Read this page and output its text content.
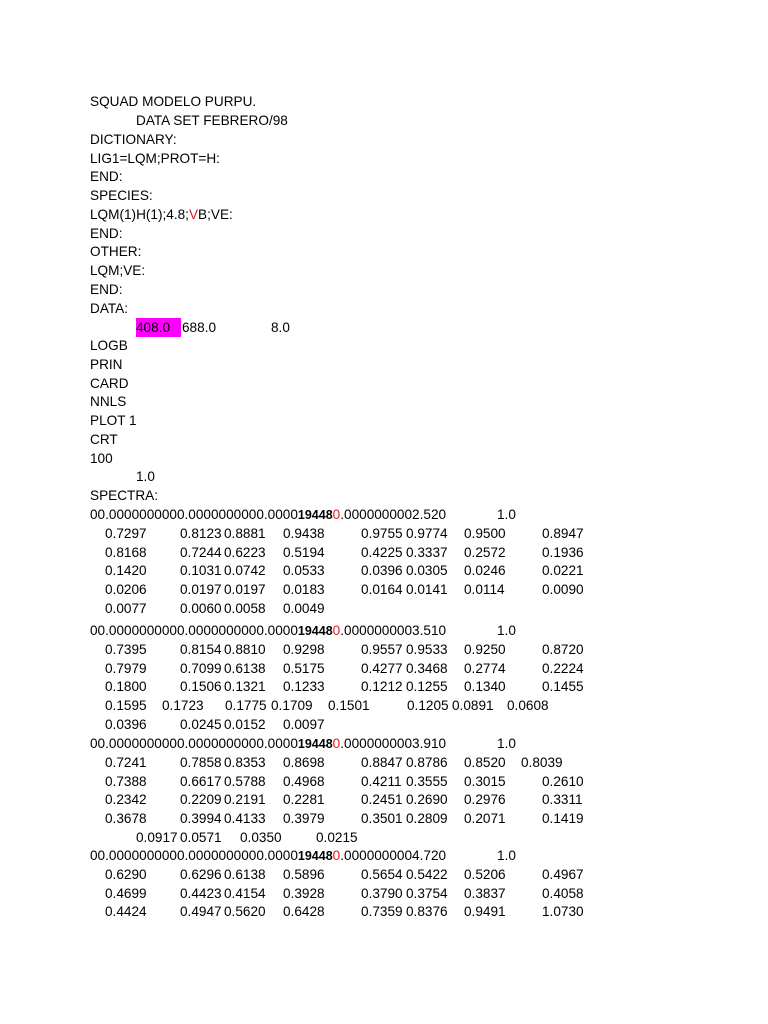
SQUAD MODELO PURPU.
DATA SET FEBRERO/98
DICTIONARY:
LIG1=LQM;PROT=H:
END:
SPECIES:
LQM(1)H(1);4.8;VB;VE:
END:
OTHER:
LQM;VE:
END:
DATA:
408.0 688.0	8.0
LOGB
PRIN
CARD
NNLS
PLOT 1
CRT
100
1.0
SPECTRA:
00.0000000000.0000000000.0000194480.0000000002.520	1.0
0.7297 0.8123 0.8881 0.9438	0.9755 0.9774 0.9500	0.8947
0.8168 0.7244 0.6223 0.5194	0.4225 0.3337 0.2572	0.1936
0.1420 0.1031 0.0742 0.0533	0.0396 0.0305 0.0246	0.0221
0.0206 0.0197 0.0197 0.0183	0.0164 0.0141 0.0114	0.0090
0.0077 0.0060 0.0058 0.0049
00.0000000000.0000000000.0000194480.0000000003.510	1.0
0.7395 0.8154 0.8810 0.9298	0.9557 0.9533 0.9250	0.8720
0.7979 0.7099 0.6138 0.5175	0.4277 0.3468 0.2774	0.2224
0.1800 0.1506 0.1321 0.1233	0.1212 0.1255 0.1340	0.1455
0.1595 0.1723 0.1775 0.1709 0.1501	0.1205 0.0891 0.0608
0.0396 0.0245 0.0152 0.0097
00.0000000000.0000000000.0000194480.0000000003.910	1.0
0.7241 0.7858 0.8353 0.8698	0.8847 0.8786 0.8520 0.8039
0.7388 0.6617 0.5788 0.4968	0.4211 0.3555 0.3015	0.2610
0.2342 0.2209 0.2191 0.2281	0.2451 0.2690 0.2976	0.3311
0.3678 0.3994 0.4133 0.3979	0.3501 0.2809 0.2071	0.1419
0.0917 0.0571 0.0350	0.0215
00.0000000000.0000000000.0000194480.0000000004.720	1.0
0.6290 0.6296 0.6138 0.5896	0.5654 0.5422 0.5206	0.4967
0.4699 0.4423 0.4154 0.3928	0.3790 0.3754 0.3837	0.4058
0.4424 0.4947 0.5620 0.6428	0.7359 0.8376 0.9491	1.0730
